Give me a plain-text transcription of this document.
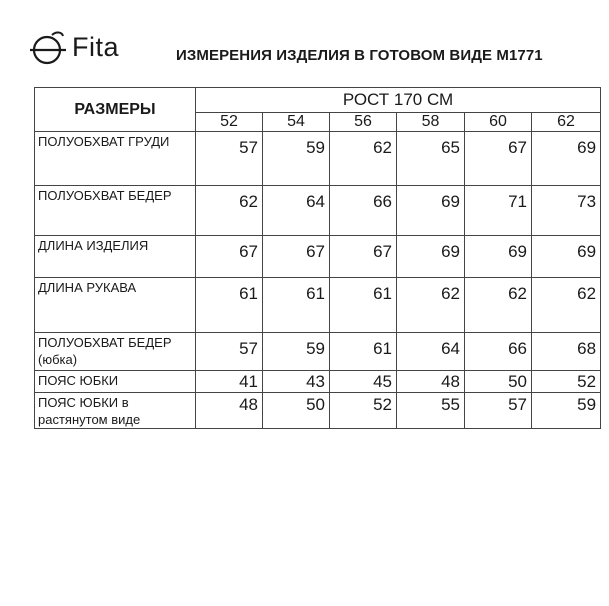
Fita	ИЗМЕРЕНИЯ ИЗДЕЛИЯ В ГОТОВОМ ВИДЕ М1771
РАЗМЕРЫ	РОСТ 170 СМ					
	52	54	56	58	60	62
ПОЛУОБХВАТ ГРУДИ	57	59	62	65	67	69
ПОЛУОБХВАТ БЕДЕР	62	64	66	69	71	73
ДЛИНА ИЗДЕЛИЯ	67	67	67	69	69	69
ДЛИНА РУКАВА	61	61	61	62	62	62
ПОЛУОБХВАТ БЕДЕР (юбка)	57	59	61	64	66	68
ПОЯС ЮБКИ	41	43	45	48	50	52
ПОЯС ЮБКИ в растянутом виде	48	50	52	55	57	59
